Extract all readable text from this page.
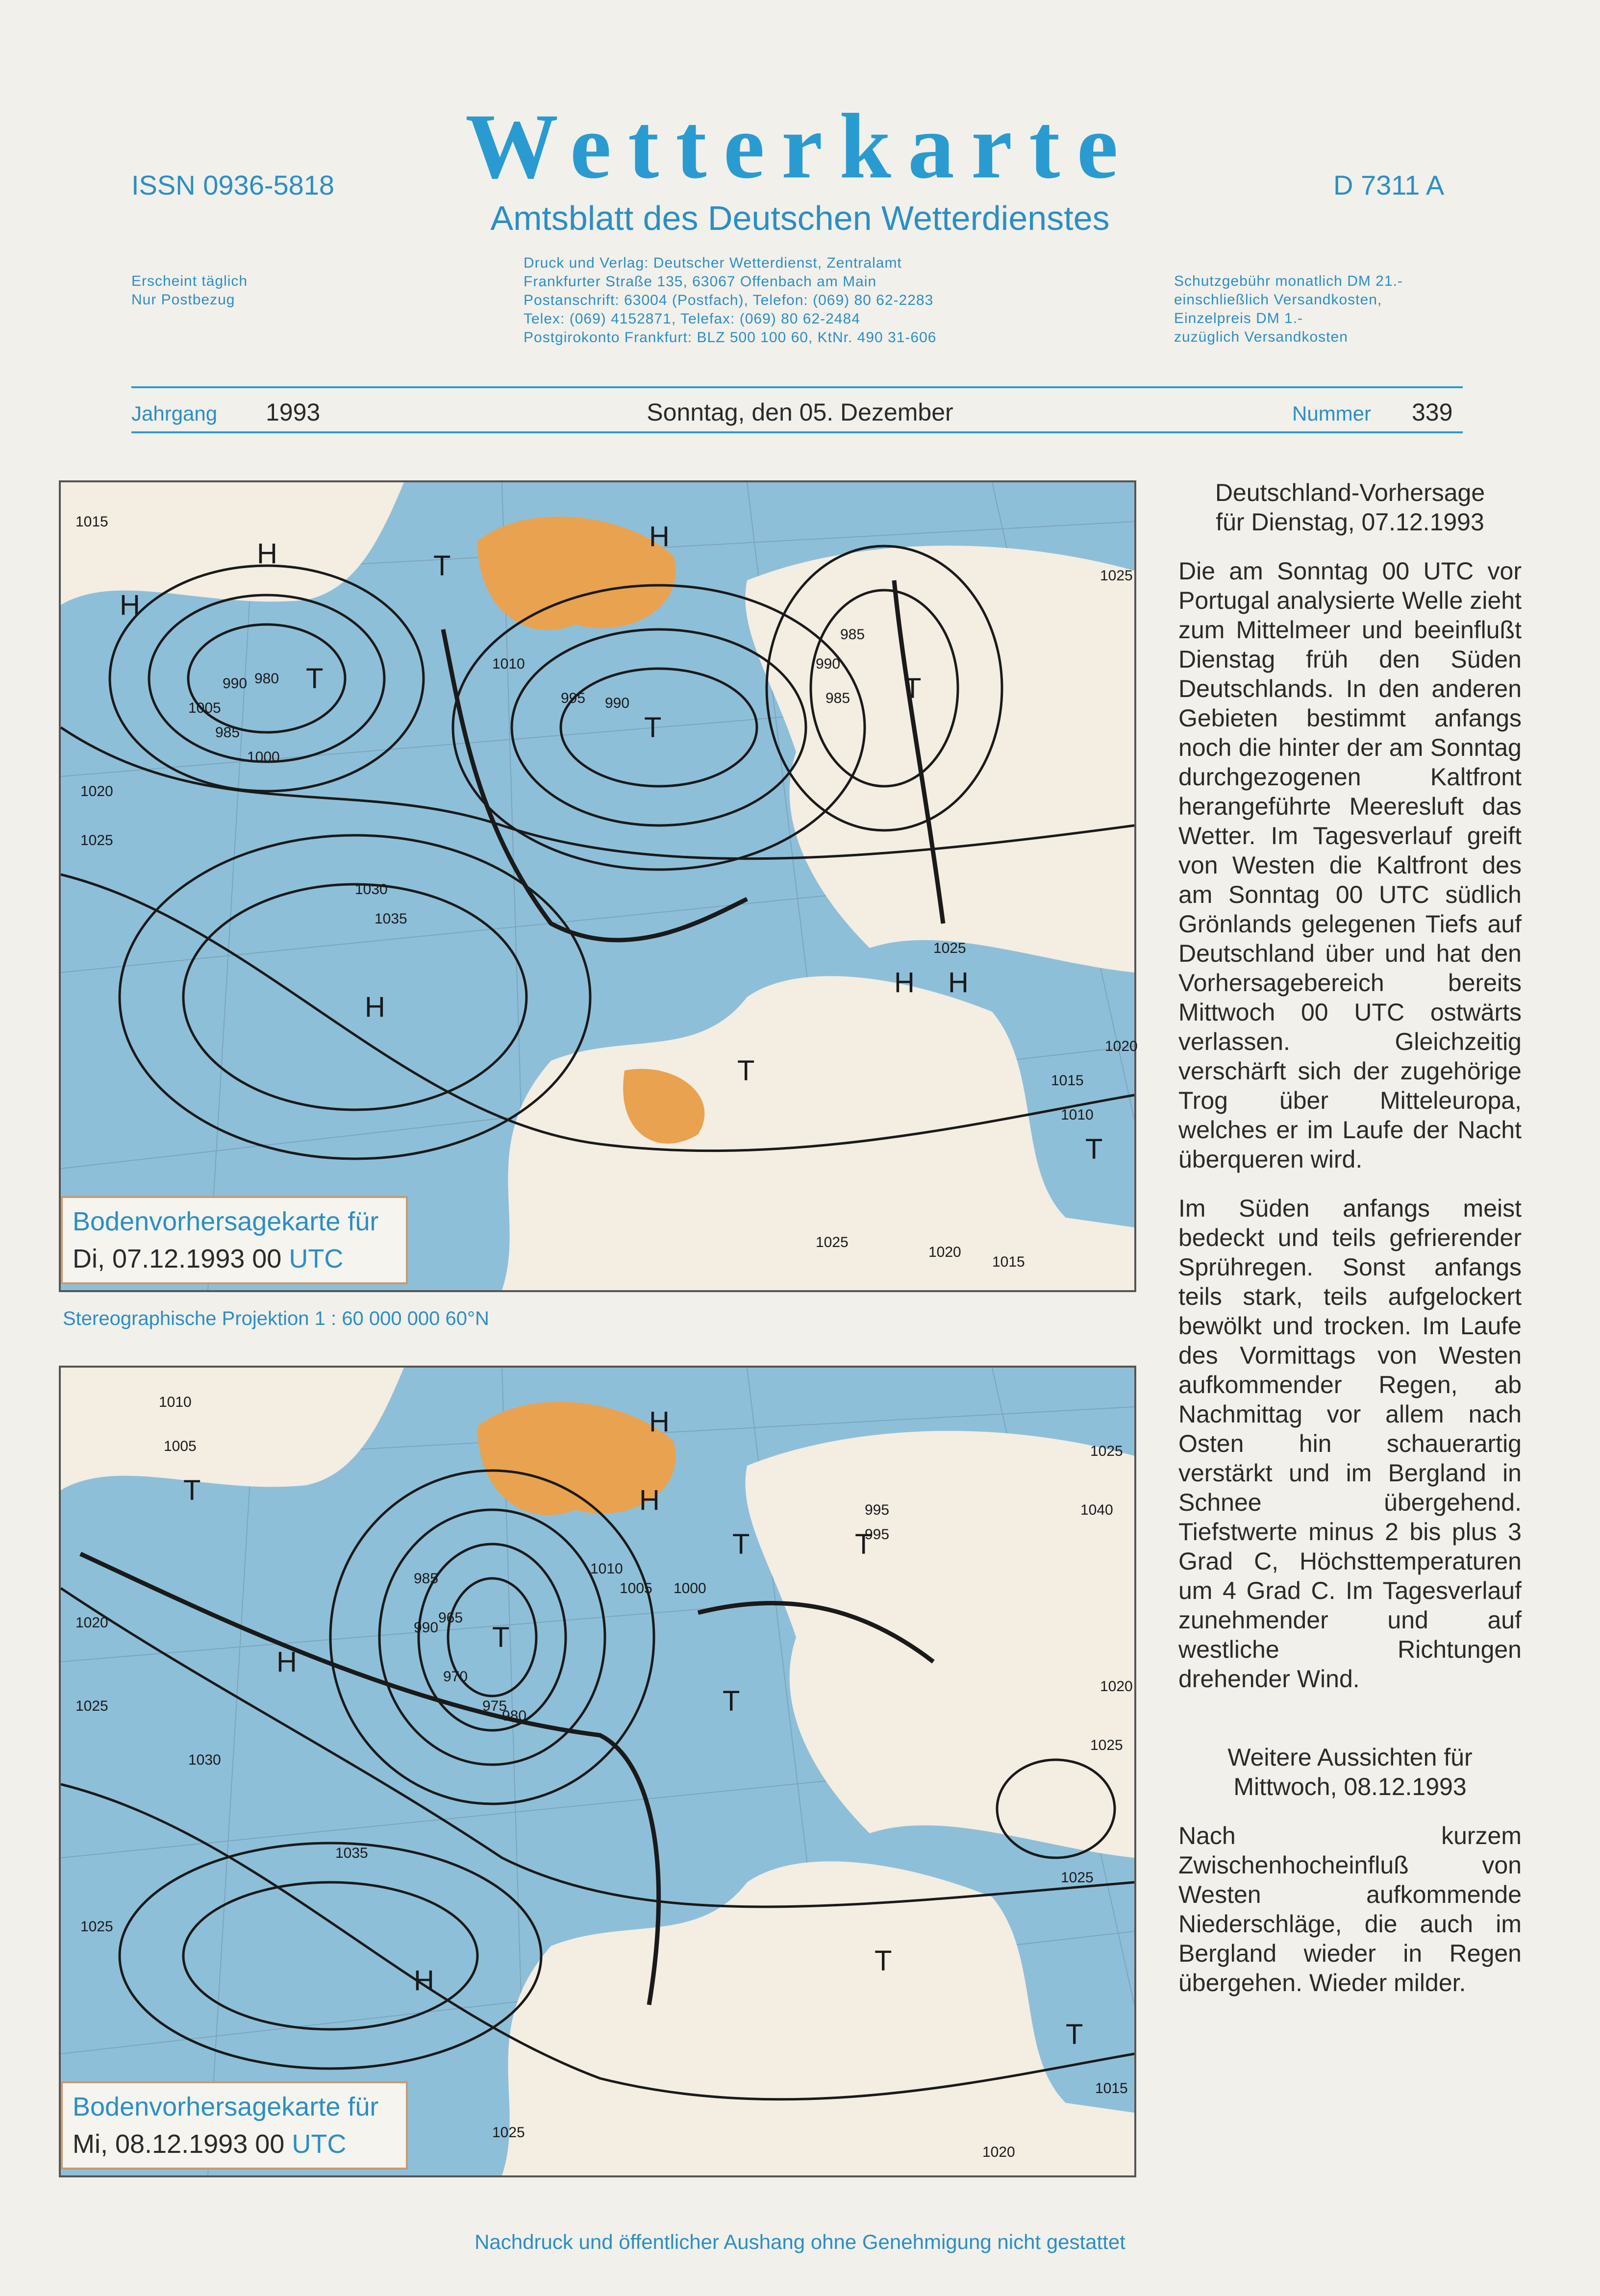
ISSN 0936-5818	Wetterkarte	D 7311 A
Amtsblatt des Deutschen Wetterdienstes
Erscheint täglich
Nur Postbezug
Druck und Verlag: Deutscher Wetterdienst, Zentralamt
Frankfurter Straße 135, 63067 Offenbach am Main
Postanschrift: 63004 (Postfach), Telefon: (069) 80 62-2283
Telex: (069) 4152871, Telefax: (069) 80 62-2484
Postgirokonto Frankfurt: BLZ 500 100 60, KtNr. 490 31-606
Schutzgebühr monatlich DM 21.-
einschließlich Versandkosten,
Einzelpreis DM 1.-
zuzüglich Versandkosten
Jahrgang 1993	Sonntag, den 05. Dezember	Nummer 339
H
H
H
H
H H
T
T
T
T
T
T
1015
1005
990 980
985
1000
1020
1025
1030
1035
1010
995 990
985
990
985
1025
1025
1020
1015
1010
1025
1020
1015
Bodenvorhersagekarte für
Di, 07.12.1993 00 UTC
Stereographische Projektion 1 : 60 000 000 60°N
H
H
H
H
T
T
T	T
T
T
T
1010
1005
1020
1025
1030
1035
1025
995
985
990
965
970
975
980
1010
1005 1000
995
1025
1040
1020
1025
1025
1015
1020
1025
Bodenvorhersagekarte für
Mi, 08.12.1993 00 UTC
Deutschland-Vorhersage
für Dienstag, 07.12.1993
Die am Sonntag 00 UTC vor Portugal analysierte Welle zieht zum Mittelmeer und beeinflußt Dienstag früh den Süden Deutschlands. In den anderen Gebieten bestimmt anfangs noch die hinter der am Sonntag durchgezogenen Kaltfront herangeführte Meeresluft das Wetter. Im Tagesverlauf greift von Westen die Kaltfront des am Sonntag 00 UTC südlich Grönlands gelegenen Tiefs auf Deutschland über und hat den Vorhersagebereich bereits Mittwoch 00 UTC ostwärts verlassen. Gleichzeitig verschärft sich der zugehörige Trog über Mitteleuropa, welches er im Laufe der Nacht überqueren wird.
Im Süden anfangs meist bedeckt und teils gefrierender Sprühregen. Sonst anfangs teils stark, teils aufgelockert bewölkt und trocken. Im Laufe des Vormittags von Westen aufkommender Regen, ab Nachmittag vor allem nach Osten hin schauerartig verstärkt und im Bergland in Schnee übergehend. Tiefstwerte minus 2 bis plus 3 Grad C, Höchsttemperaturen um 4 Grad C. Im Tagesverlauf zunehmender und auf westliche Richtungen drehender Wind.
Weitere Aussichten für
Mittwoch, 08.12.1993
Nach kurzem Zwischenhocheinfluß von Westen aufkommende Niederschläge, die auch im Bergland wieder in Regen übergehen. Wieder milder.
Nachdruck und öffentlicher Aushang ohne Genehmigung nicht gestattet
